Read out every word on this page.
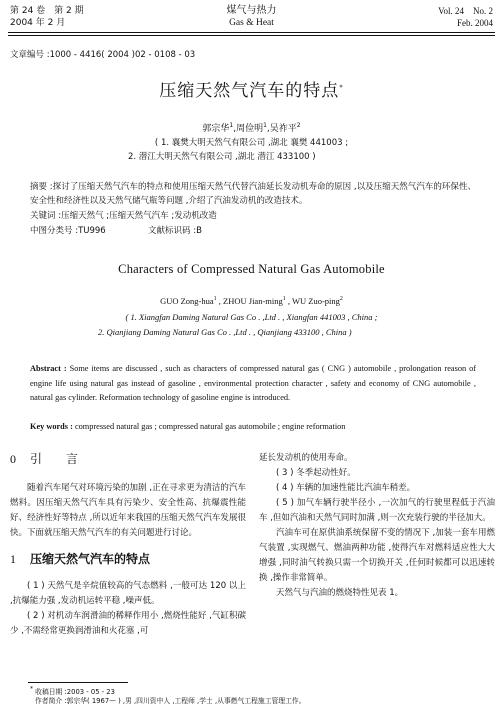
第 24 卷　第 2 期
2004 年 2 月
煤气与热力
Gas & Heat
Vol. 24　No. 2
Feb. 2004
文章编号 :1000 - 4416( 2004 )02 - 0108 - 03
压缩天然气汽车的特点*
郭宗华$^1$,周俭明$^1$,吴祚平$^2$
( 1. 襄樊大明天然气有限公司 ,湖北 襄樊 441003 ;
2. 潜江大明天然气有限公司 ,湖北 潜江 433100 )
摘要 :探讨了压缩天然气汽车的特点和使用压缩天然气代替汽油延长发动机寿命的原因 ,以及压缩天然气汽车的环保性、安全性和经济性以及天然气储气瓶等问题 ,介绍了汽油发动机的改造技术。
关键词 :压缩天然气 ;压缩天然气汽车 ;发动机改造
中图分类号 :TU996	文献标识码 :B
Characters of Compressed Natural Gas Automobile
GUO Zong-hua$^1$ , ZHOU Jian-ming$^1$ , WU Zuo-ping$^2$
( 1. Xiangfan Daming Natural Gas Co . ,Ltd . , Xiangfan 441003 , China ;
2. Qianjiang Daming Natural Gas Co . ,Ltd . , Qianjiang 433100 , China )
Abstract : Some items are discussed , such as characters of compressed natural gas ( CNG ) automobile , prolongation reason of engine life using natural gas instead of gasoline , environmental protection character , safety and economy of CNG automobile , natural gas cylinder. Reformation technology of gasoline engine is introduced.
Key words : compressed natural gas ; compressed natural gas automobile ; engine reformation
0 引　　言
随着汽车尾气对环境污染的加剧 ,正在寻求更为清洁的汽车燃料。因压缩天然气汽车具有污染少、安全性高、抗爆震性能好、经济性好等特点 ,所以近年来我国的压缩天然气汽车发展很快。下面就压缩天然气汽车的有关问题进行讨论。
1 压缩天然气汽车的特点
( 1 ) 天然气是辛烷值较高的气态燃料 ,一般可达 120 以上 ,抗爆能力强 ,发动机运转平稳 ,噪声低。
( 2 ) 对机动车润滑油的稀释作用小 ,燃烧性能好 ,气缸积碳少 ,不需经常更换润滑油和火花塞 ,可
延长发动机的使用寿命。
( 3 ) 冬季起动性好。
( 4 ) 车辆的加速性能比汽油车稍差。
( 5 ) 加气车辆行驶半径小 ,一次加气的行驶里程低于汽油车 ,但如汽油和天然气同时加满 ,则一次充装行驶的半径加大。
汽油车可在原供油系统保留不变的情况下 ,加装一套车用燃气装置 ,实现燃气、燃油两种功能 ,使得汽车对燃料适应性大大增强 ,同时油气转换只需一个切换开关 ,任何时候都可以迅速转换 ,操作非常简单。
天然气与汽油的燃烧特性见表 1。
* 收稿日期 :2003 - 05 - 23
作者简介 :郭宗华( 1967— ) ,男 ,四川资中人 ,工程师 ,学士 ,从事燃气工程施工管理工作。
